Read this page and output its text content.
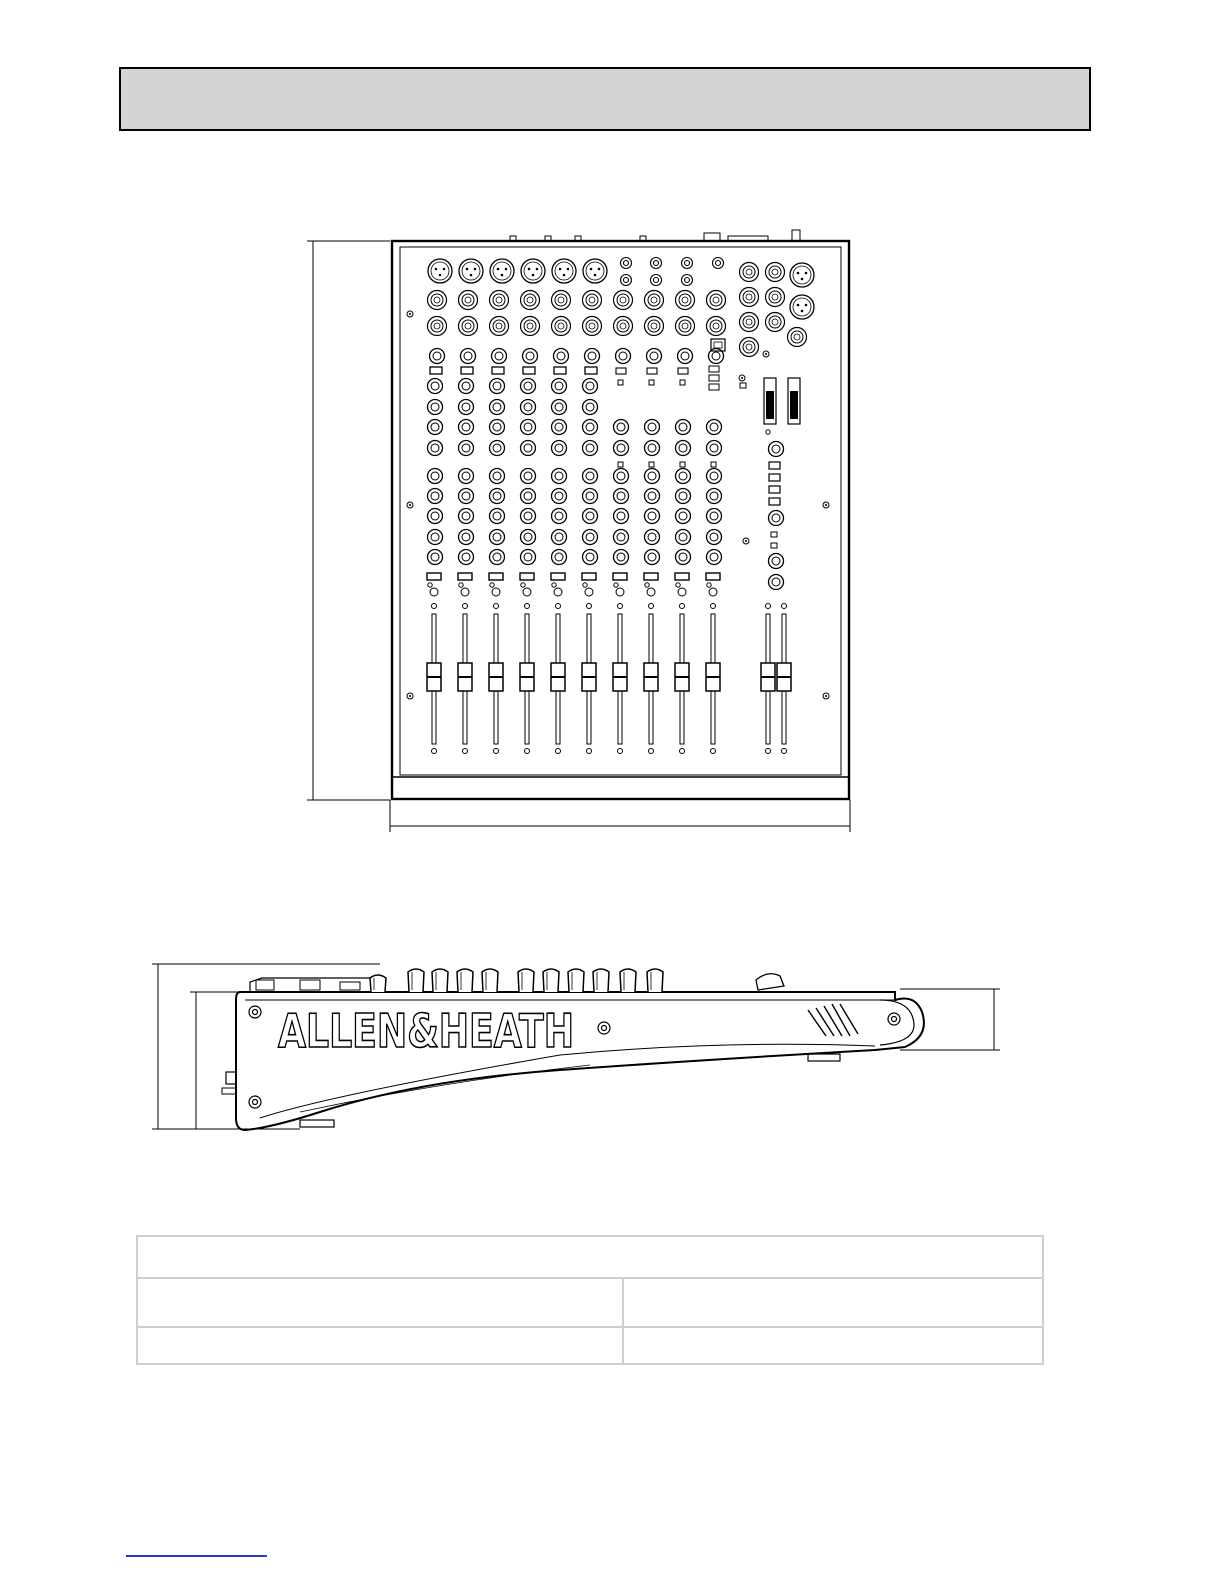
ALLEN&HEATH
